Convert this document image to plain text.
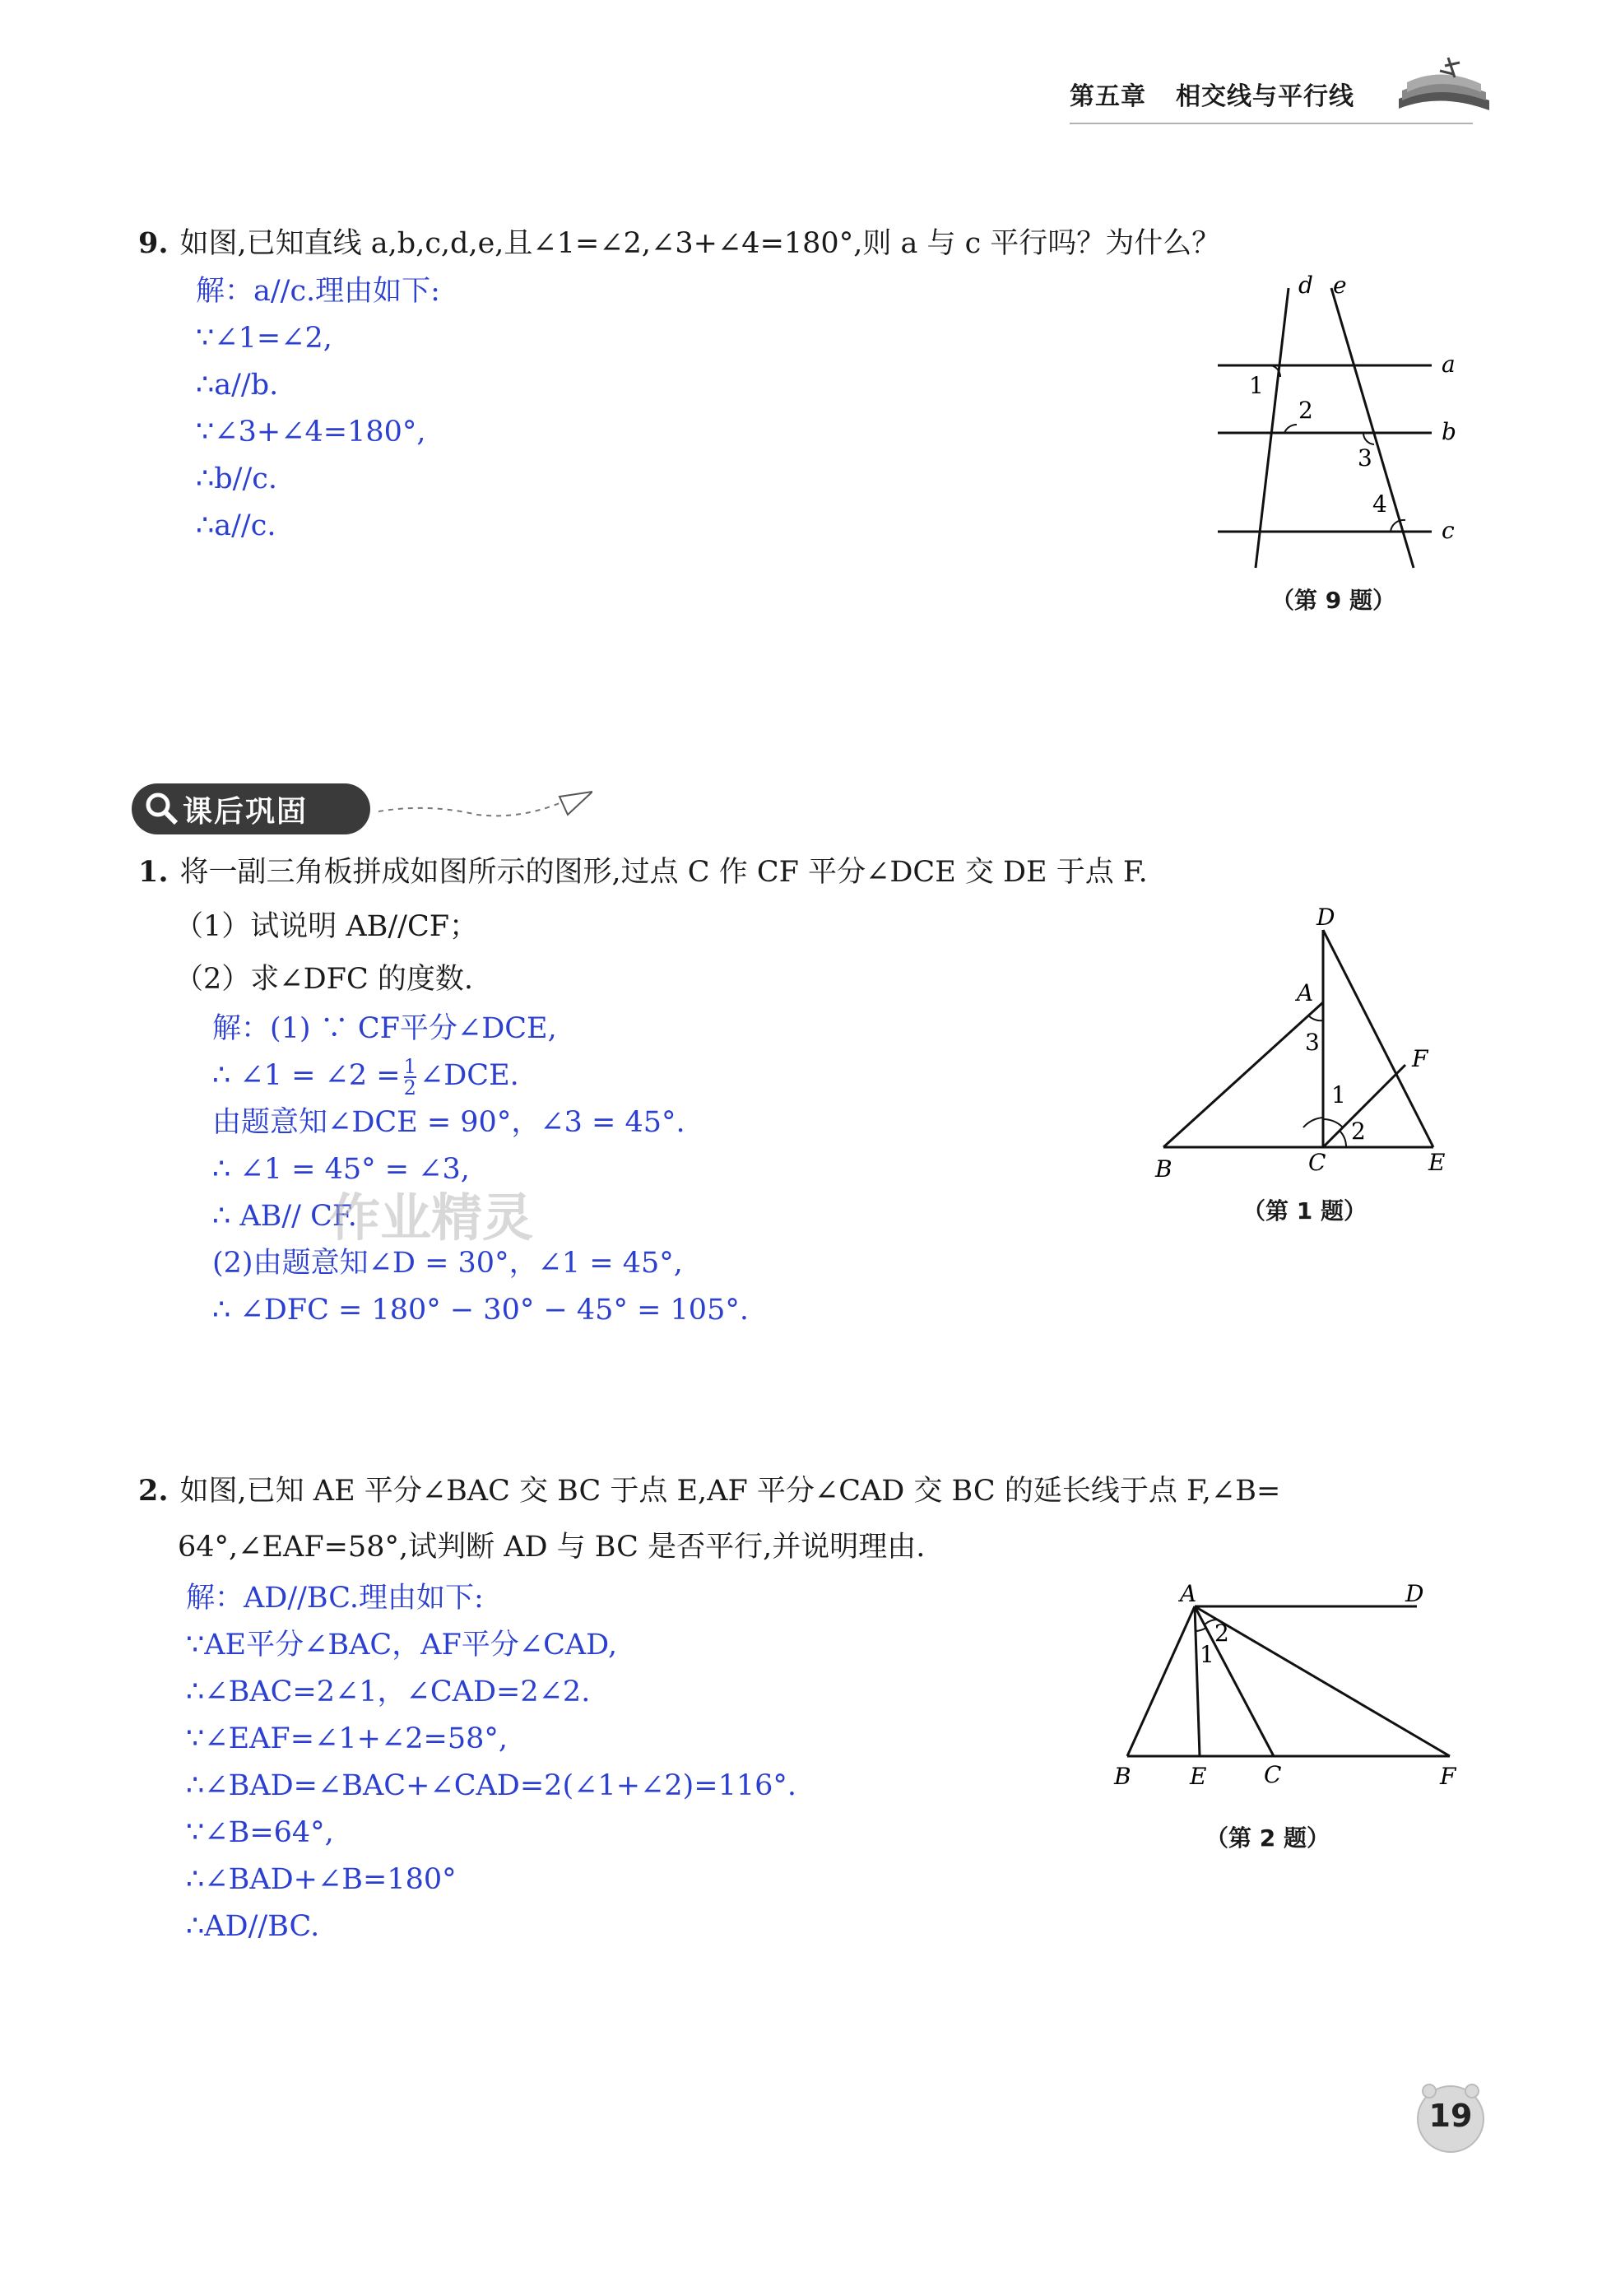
第五章 相交线与平行线
9. 如图,已知直线 a,b,c,d,e,且∠1=∠2,∠3+∠4=180°,则 a 与 c 平行吗？为什么？
解：a//c.理由如下:
∵∠1=∠2,
∴a//b.
∵∠3+∠4=180°,
∴b//c.
∴a//c.
d e
a
b
c
1
2
3
4
（第 9 题）
课后巩固
1. 将一副三角板拼成如图所示的图形,过点 C 作 CF 平分∠DCE 交 DE 于点 F.
（1）试说明 AB//CF；
（2）求∠DFC 的度数.
解：(1) ∵ CF平分∠DCE,
∴ ∠1 = ∠2 = $\frac{1}{2}$ ∠DCE.
由题意知∠DCE = 90°，∠3 = 45°.
∴ ∠1 = 45° = ∠3,
∴ AB// CF.
(2)由题意知∠D = 30°，∠1 = 45°,
∴ ∠DFC = 180° − 30° − 45° = 105°.
作业精灵
D
A
F
B	C	E
1
2
3
（第 1 题）
2. 如图,已知 AE 平分∠BAC 交 BC 于点 E,AF 平分∠CAD 交 BC 的延长线于点 F,∠B=
64°,∠EAF=58°,试判断 AD 与 BC 是否平行,并说明理由.
解：AD//BC.理由如下:
∵AE平分∠BAC，AF平分∠CAD,
∴∠BAC=2∠1，∠CAD=2∠2.
∵∠EAF=∠1+∠2=58°,
∴∠BAD=∠BAC+∠CAD=2(∠1+∠2)=116°.
∵∠B=64°,
∴∠BAD+∠B=180°
∴AD//BC.
A	D
B	E C	F
1
2
（第 2 题）
19
